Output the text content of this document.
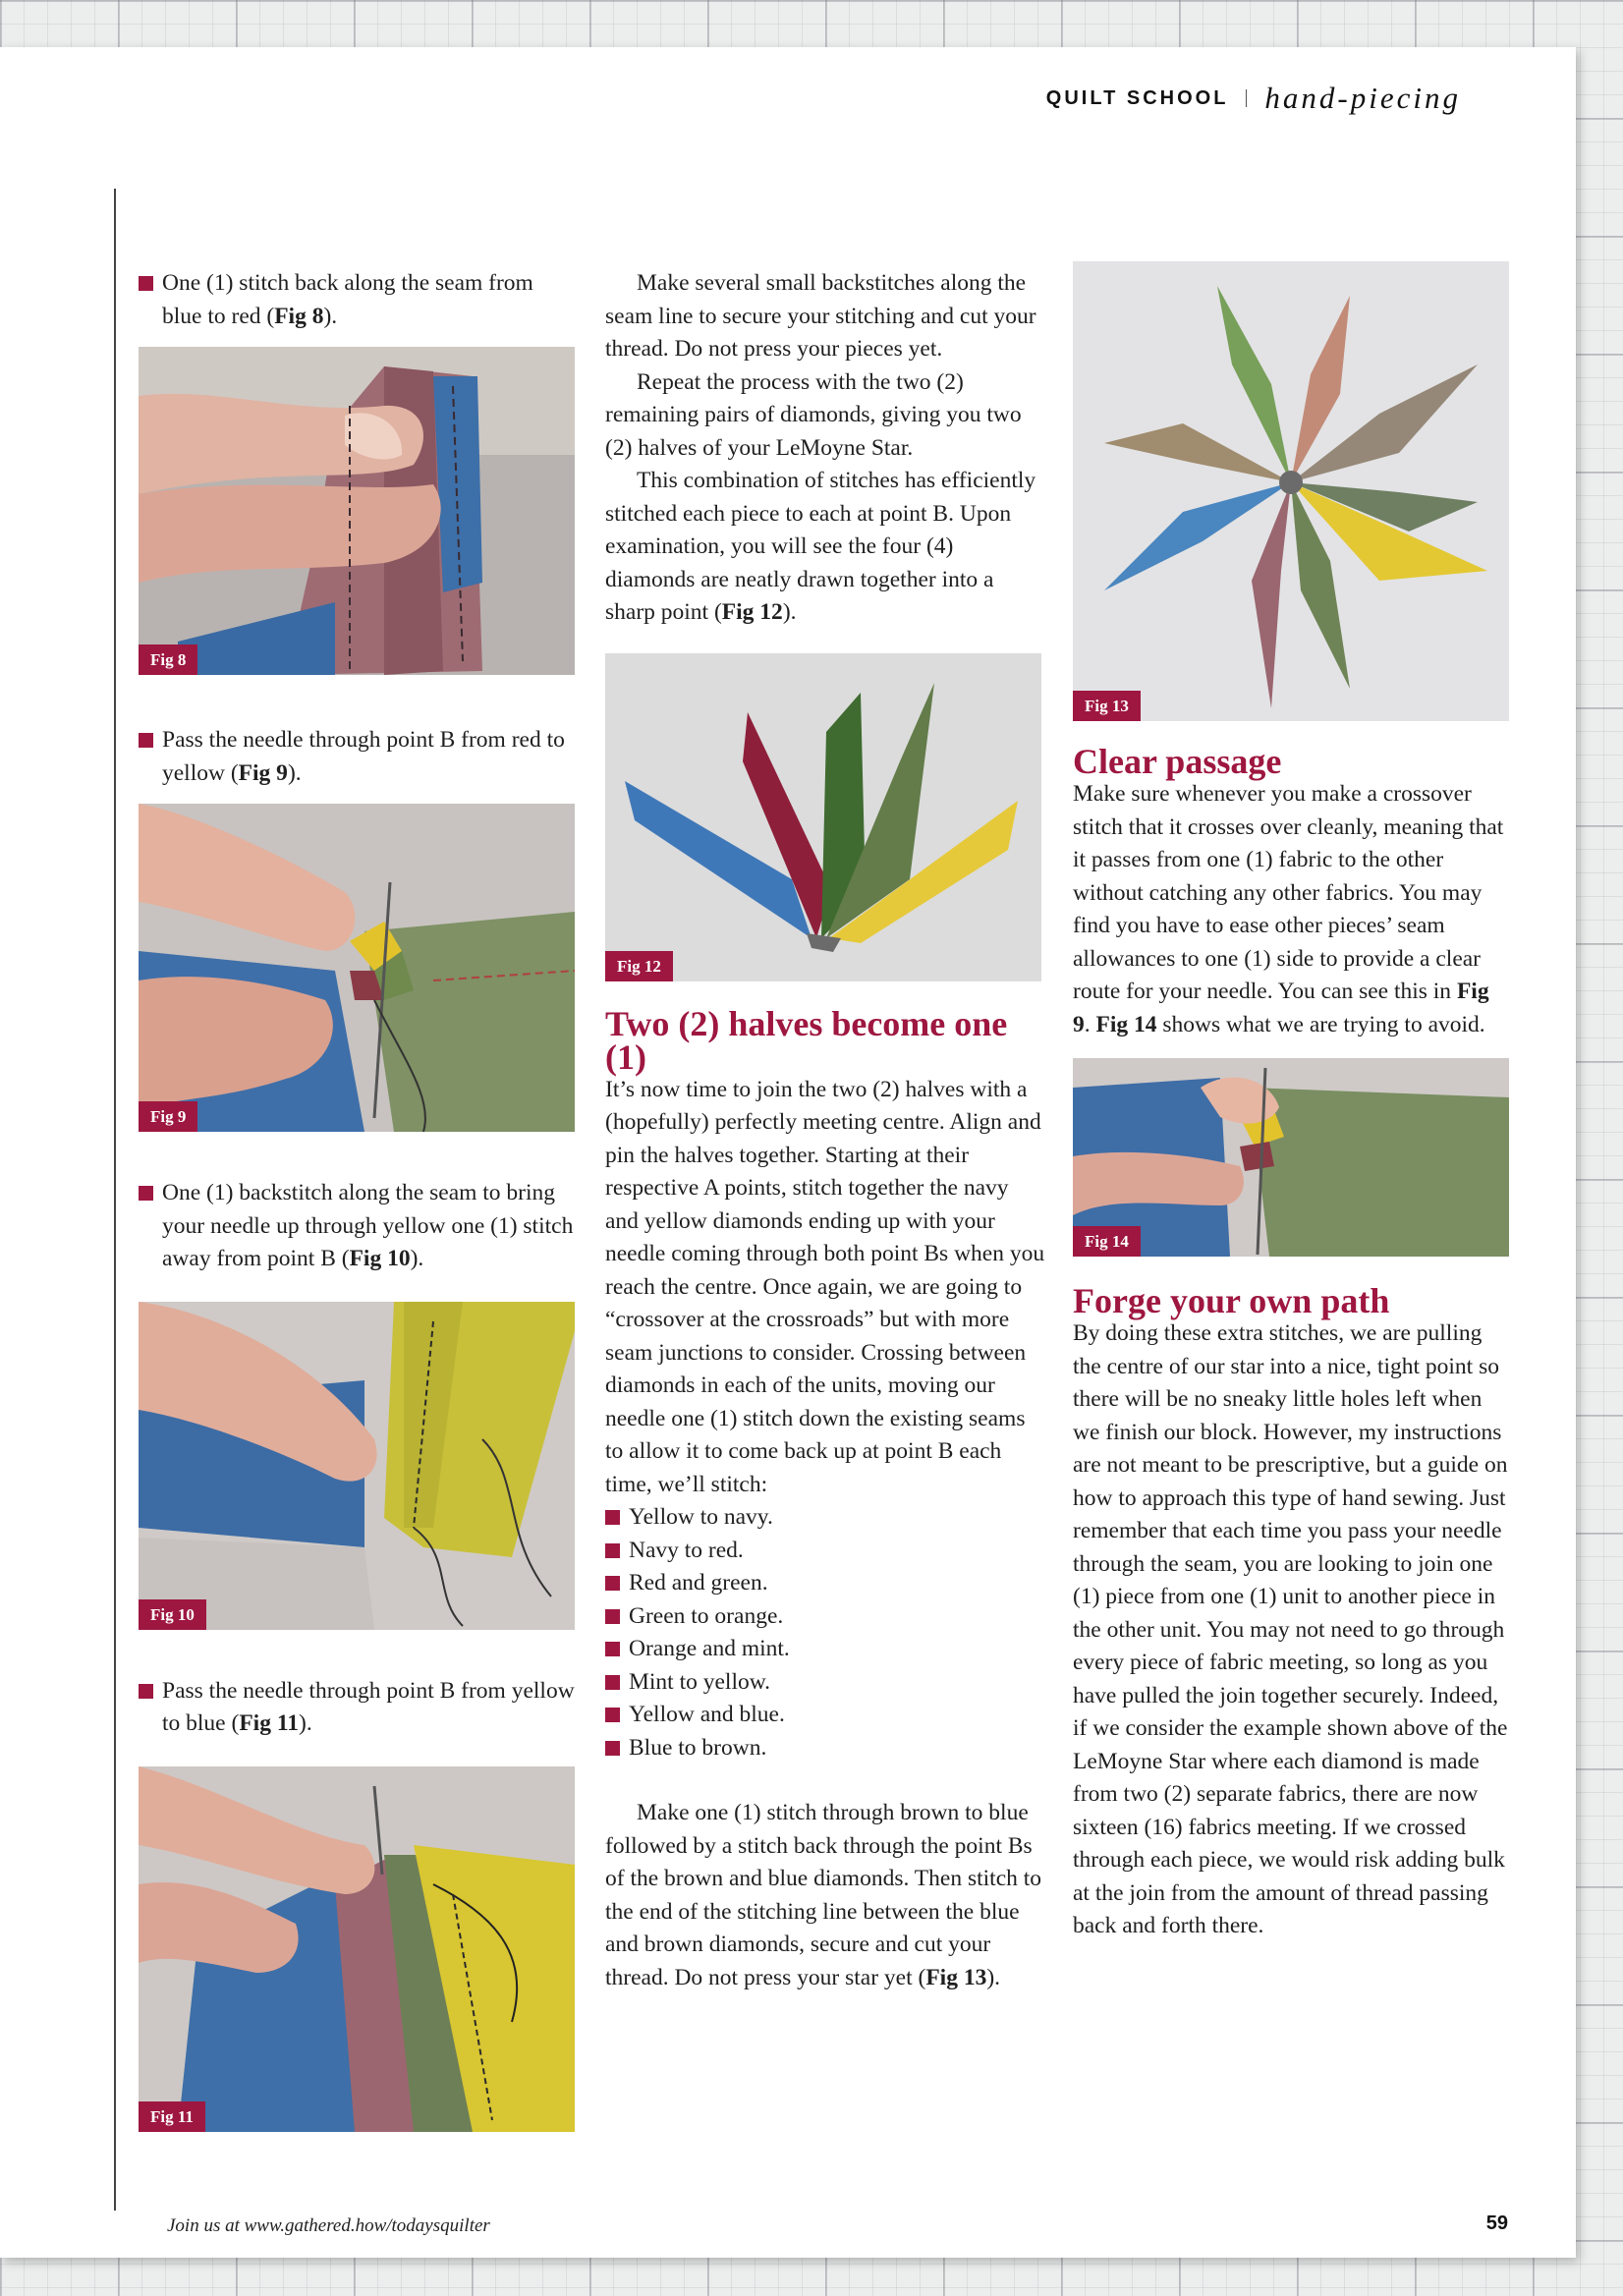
QUILT SCHOOL hand-piecing

One (1) stitch back along the seam from blue to red (Fig 8).

Fig 8

Pass the needle through point B from red to yellow (Fig 9).

Fig 9

One (1) backstitch along the seam to bring your needle up through yellow one (1) stitch away from point B (Fig 10).

Fig 10

Pass the needle through point B from yellow to blue (Fig 11).

Fig 11

Make several small backstitches along the seam line to secure your stitching and cut your thread. Do not press your pieces yet.

Repeat the process with the two (2) remaining pairs of diamonds, giving you two (2) halves of your LeMoyne Star.

This combination of stitches has efficiently stitched each piece to each at point B. Upon examination, you will see the four (4) diamonds are neatly drawn together into a sharp point (Fig 12).

Fig 12
Two (2) halves become one (1)

It’s now time to join the two (2) halves with a (hopefully) perfectly meeting centre. Align and pin the halves together. Starting at their respective A points, stitch together the navy and yellow diamonds ending up with your needle coming through both point Bs when you reach the centre. Once again, we are going to “crossover at the crossroads” but with more seam junctions to consider. Crossing between diamonds in each of the units, moving our needle one (1) stitch down the existing seams to allow it to come back up at point B each time, we’ll stitch:

Yellow to navy.
Navy to red.
Red and green.
Green to orange.
Orange and mint.
Mint to yellow.
Yellow and blue.
Blue to brown.

Make one (1) stitch through brown to blue followed by a stitch back through the point Bs of the brown and blue diamonds. Then stitch to the end of the stitching line between the blue and brown diamonds, secure and cut your thread. Do not press your star yet (Fig 13).

Fig 13
Clear passage

Make sure whenever you make a crossover stitch that it crosses over cleanly, meaning that it passes from one (1) fabric to the other without catching any other fabrics. You may find you have to ease other pieces’ seam allowances to one (1) side to provide a clear route for your needle. You can see this in Fig 9. Fig 14 shows what we are trying to avoid.

Fig 14
Forge your own path

By doing these extra stitches, we are pulling the centre of our star into a nice, tight point so there will be no sneaky little holes left when we finish our block. However, my instructions are not meant to be prescriptive, but a guide on how to approach this type of hand sewing. Just remember that each time you pass your needle through the seam, you are looking to join one (1) piece from one (1) unit to another piece in the other unit. You may not need to go through every piece of fabric meeting, so long as you have pulled the join together securely. Indeed, if we consider the example shown above of the LeMoyne Star where each diamond is made from two (2) separate fabrics, there are now sixteen (16) fabrics meeting. If we crossed through each piece, we would risk adding bulk at the join from the amount of thread passing back and forth there.

Join us at www.gathered.how/todaysquilter	59
